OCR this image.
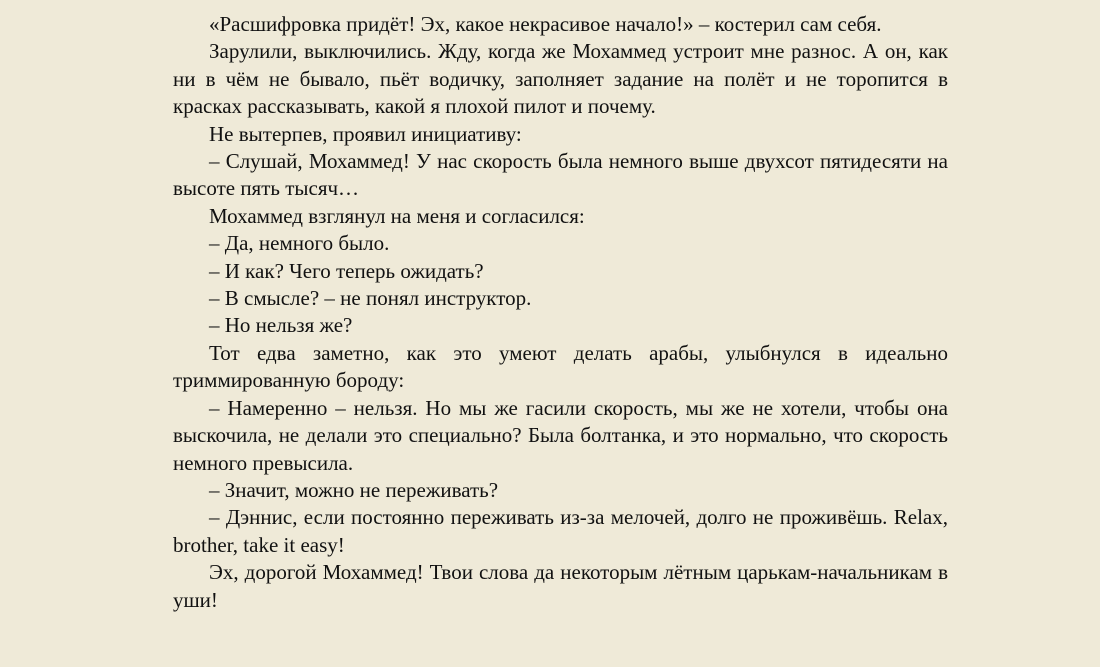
«Расшифровка придёт! Эх, какое некрасивое начало!» – костерил сам себя.

Зарулили, выключились. Жду, когда же Мохаммед устроит мне разнос. А он, как ни в чём не бывало, пьёт водичку, заполняет задание на полёт и не торопится в красках рассказывать, какой я плохой пилот и почему.

Не вытерпев, проявил инициативу:

– Слушай, Мохаммед! У нас скорость была немного выше двухсот пятидесяти на высоте пять тысяч…

Мохаммед взглянул на меня и согласился:

– Да, немного было.

– И как? Чего теперь ожидать?

– В смысле? – не понял инструктор.

– Но нельзя же?

Тот едва заметно, как это умеют делать арабы, улыбнулся в идеально триммированную бороду:

– Намеренно – нельзя. Но мы же гасили скорость, мы же не хотели, чтобы она выскочила, не делали это специально? Была болтанка, и это нормально, что скорость немного превысила.

– Значит, можно не переживать?

– Дэннис, если постоянно переживать из-за мелочей, долго не проживёшь. Relax, brother, take it easy!

Эх, дорогой Мохаммед! Твои слова да некоторым лётным царькам-начальникам в уши!
